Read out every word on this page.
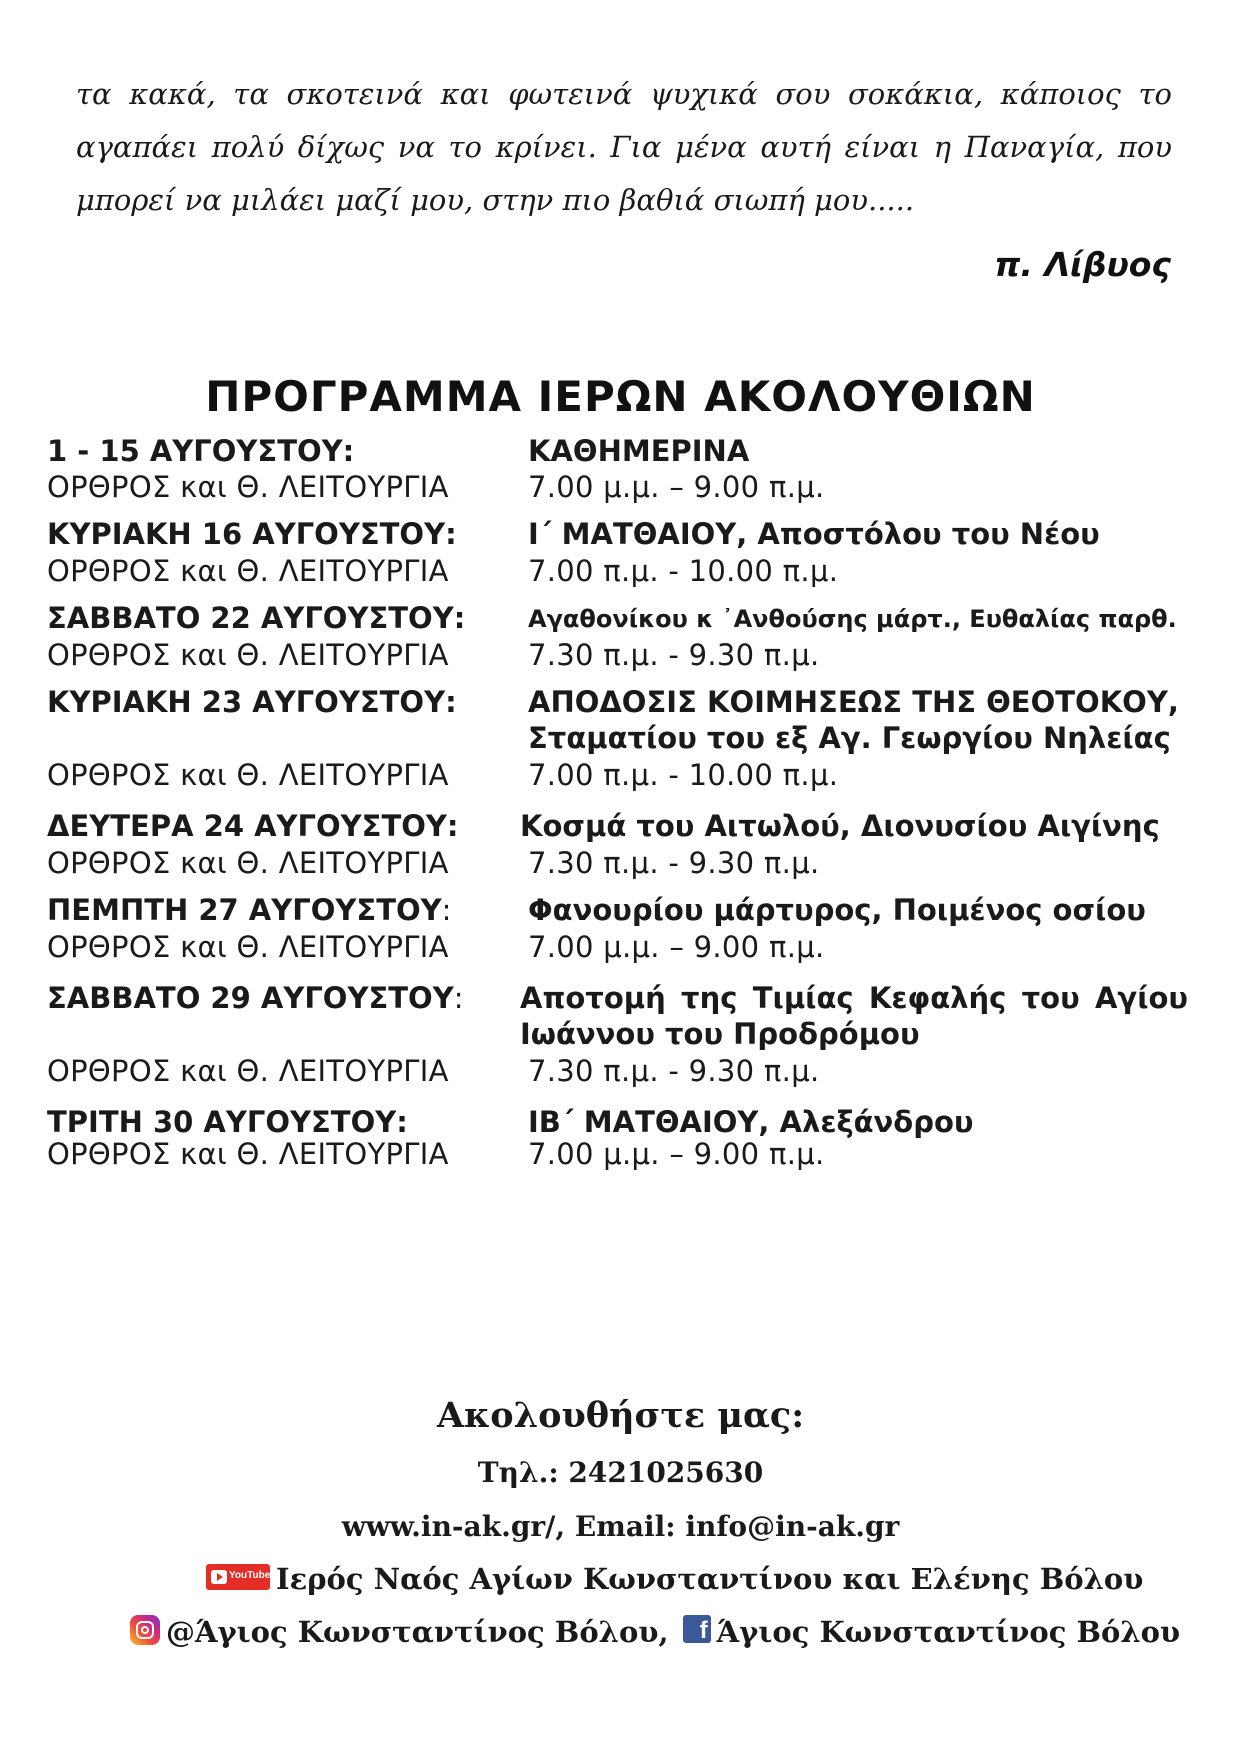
τα κακά, τα σκοτεινά και φωτεινά ψυχικά σου σοκάκια, κάποιος το
αγαπάει πολύ δίχως να το κρίνει. Για μένα αυτή είναι η Παναγία, που
μπορεί να μιλάει μαζί μου, στην πιο βαθιά σιωπή μου.....
π. Λίβυος
ΠΡΟΓΡΑΜΜΑ ΙΕΡΩΝ ΑΚΟΛΟΥΘΙΩΝ
1 - 15 ΑΥΓΟΥΣΤΟΥ:	ΚΑΘΗΜΕΡΙΝΑ
ΟΡΘΡΟΣ και Θ. ΛΕΙΤΟΥΡΓΙΑ	7.00 μ.μ. – 9.00 π.μ.
ΚΥΡΙΑΚΗ 16 ΑΥΓΟΥΣΤΟΥ: Ι΄ ΜΑΤΘΑΙΟΥ, Αποστόλου του Νέου
ΟΡΘΡΟΣ και Θ. ΛΕΙΤΟΥΡΓΙΑ	7.00 π.μ. - 10.00 π.μ.
ΣΑΒΒΑΤΟ 22 ΑΥΓΟΥΣΤΟΥ:	Αγαθονίκου κ ᾽Ανθούσης μάρτ., Ευθαλίας παρθ.
ΟΡΘΡΟΣ και Θ. ΛΕΙΤΟΥΡΓΙΑ	7.30 π.μ. - 9.30 π.μ.
ΚΥΡΙΑΚΗ 23 ΑΥΓΟΥΣΤΟΥ: ΑΠΟΔΟΣΙΣ ΚΟΙΜΗΣΕΩΣ ΤΗΣ ΘΕΟΤΟΚΟΥ,
Σταματίου του εξ Αγ. Γεωργίου Νηλείας
ΟΡΘΡΟΣ και Θ. ΛΕΙΤΟΥΡΓΙΑ	7.00 π.μ. - 10.00 π.μ.
ΔΕΥΤΕΡΑ 24 ΑΥΓΟΥΣΤΟΥ: Κοσμά του Αιτωλού, Διονυσίου Αιγίνης
ΟΡΘΡΟΣ και Θ. ΛΕΙΤΟΥΡΓΙΑ	7.30 π.μ. - 9.30 π.μ.
ΠΕΜΠΤΗ 27 ΑΥΓΟΥΣΤΟΥ:	Φανουρίου μάρτυρος, Ποιμένος οσίου
ΟΡΘΡΟΣ και Θ. ΛΕΙΤΟΥΡΓΙΑ	7.00 μ.μ. – 9.00 π.μ.
ΣΑΒΒΑΤΟ 29 ΑΥΓΟΥΣΤΟΥ: Αποτομή της Τιμίας Κεφαλής του Αγίου
Ιωάννου του Προδρόμου
ΟΡΘΡΟΣ και Θ. ΛΕΙΤΟΥΡΓΙΑ	7.30 π.μ. - 9.30 π.μ.
ΤΡΙΤΗ 30 ΑΥΓΟΥΣΤΟΥ:	ΙΒ΄ ΜΑΤΘΑΙΟΥ, Αλεξάνδρου
ΟΡΘΡΟΣ και Θ. ΛΕΙΤΟΥΡΓΙΑ	7.00 μ.μ. – 9.00 π.μ.
Ακολουθήστε μας:
Τηλ.: 2421025630
www.in-ak.gr/, Email: info@in-ak.gr
YouTube Ιερός Ναός Αγίων Κωνσταντίνου και Ελένης Βόλου
@Άγιος Κωνσταντίνος Βόλου, f Άγιος Κωνσταντίνος Βόλου
